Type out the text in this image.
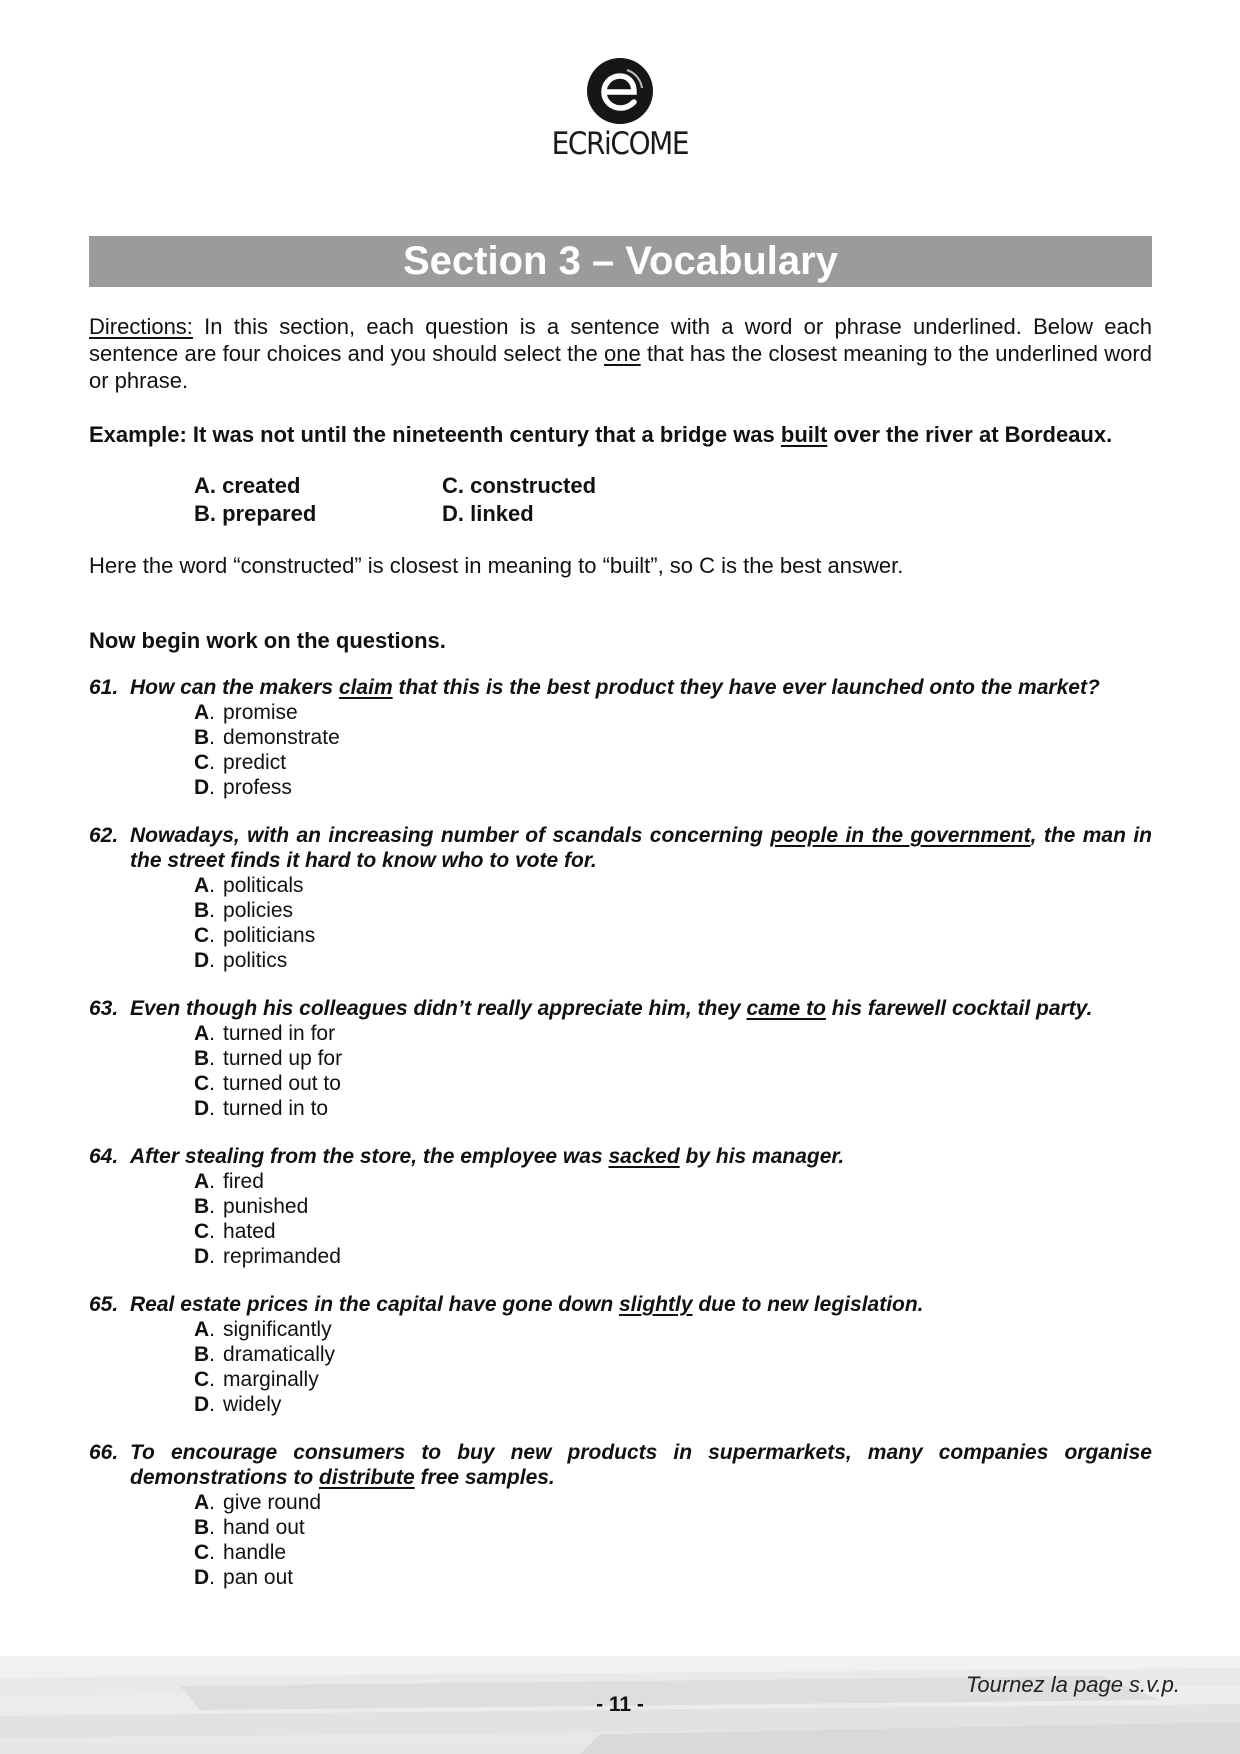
ECRiCOME
Section 3 – Vocabulary

Directions: In this section, each question is a sentence with a word or phrase underlined. Below each sentence are four choices and you should select the one that has the closest meaning to the underlined word or phrase.

Example: It was not until the nineteenth century that a bridge was built over the river at Bordeaux.

A. created	C. constructed
B. prepared	D. linked

Here the word “constructed” is closest in meaning to “built”, so C is the best answer.

Now begin work on the questions.

61. How can the makers claim that this is the best product they have ever launched onto the market?
A. promise
B. demonstrate
C. predict
D. profess
62. Nowadays, with an increasing number of scandals concerning people in the government, the man in the street finds it hard to know who to vote for.
A. politicals
B. policies
C. politicians
D. politics
63. Even though his colleagues didn’t really appreciate him, they came to his farewell cocktail party.
A. turned in for
B. turned up for
C. turned out to
D. turned in to
64. After stealing from the store, the employee was sacked by his manager.
A. fired
B. punished
C. hated
D. reprimanded
65. Real estate prices in the capital have gone down slightly due to new legislation.
A. significantly
B. dramatically
C. marginally
D. widely
66. To encourage consumers to buy new products in supermarkets, many companies organise demonstrations to distribute free samples.
A. give round
B. hand out
C. handle
D. pan out
Tournez la page s.v.p.
- 11 -
